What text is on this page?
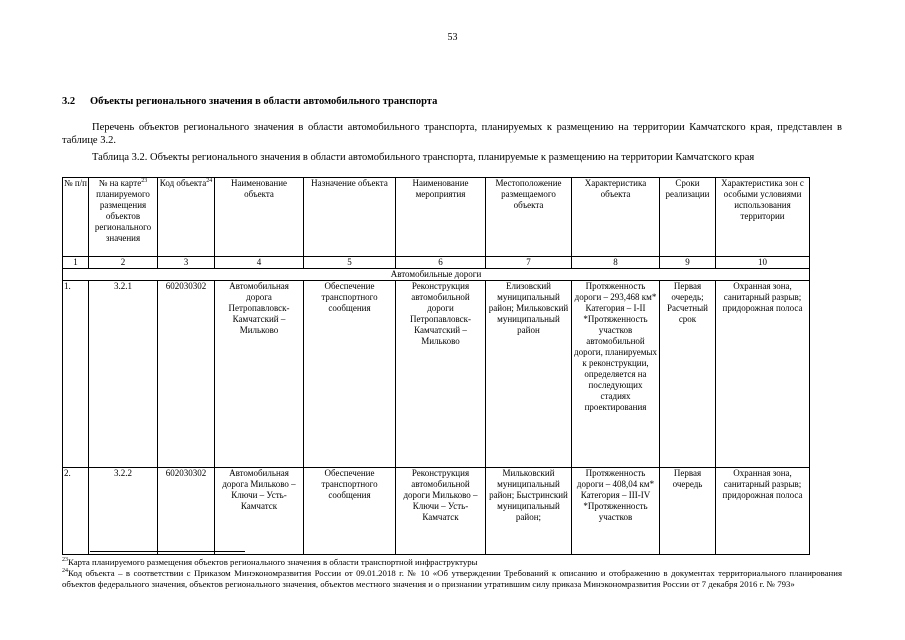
53
3.2 Объекты регионального значения в области автомобильного транспорта
Перечень объектов регионального значения в области автомобильного транспорта, планируемых к размещению на территории Камчатского края, представлен в таблице 3.2.
Таблица 3.2. Объекты регионального значения в области автомобильного транспорта, планируемые к размещению на территории Камчатского края
№ п/п	№ на карте$^{23}$ планируемого размещения объектов регионального значения	Код объекта$^{24}$	Наименование объекта	Назначение объекта	Наименование мероприятия	Местоположение размещаемого объекта	Характеристика объекта	Сроки реализации	Характеристика зон с особыми условиями использования территории
1	2	3	4	5	6	7	8	9	10
Автомобильные дороги									
1.	3.2.1	602030302	Автомобильная дорога Петропавловск-Камчатский – Мильково	Обеспечение транспортного сообщения	Реконструкция автомобильной дороги Петропавловск-Камчатский – Мильково	Елизовский муниципальный район; Мильковский муниципальный район	Протяженность дороги – 293,468 км* Категория – I-II *Протяженность участков автомобильной дороги, планируемых к реконструкции, определяется на последующих стадиях проектирования	Первая очередь; Расчетный срок	Охранная зона, санитарный разрыв; придорожная полоса
2.	3.2.2	602030302	Автомобильная дорога Мильково – Ключи – Усть-Камчатск	Обеспечение транспортного сообщения	Реконструкция автомобильной дороги Мильково – Ключи – Усть-Камчатск	Мильковский муниципальный район; Быстринский муниципальный район;	Протяженность дороги – 408,04 км* Категория – III-IV *Протяженность участков	Первая очередь	Охранная зона, санитарный разрыв; придорожная полоса
$^{23}$Карта планируемого размещения объектов регионального значения в области транспортной инфраструктуры
$^{24}$Код объекта – в соответствии с Приказом Минэкономразвития России от 09.01.2018 г. № 10 «Об утверждении Требований к описанию и отображению в документах территориального планирования объектов федерального значения, объектов регионального значения, объектов местного значения и о признании утратившим силу приказа Минэкономразвития России от 7 декабря 2016 г. № 793»
